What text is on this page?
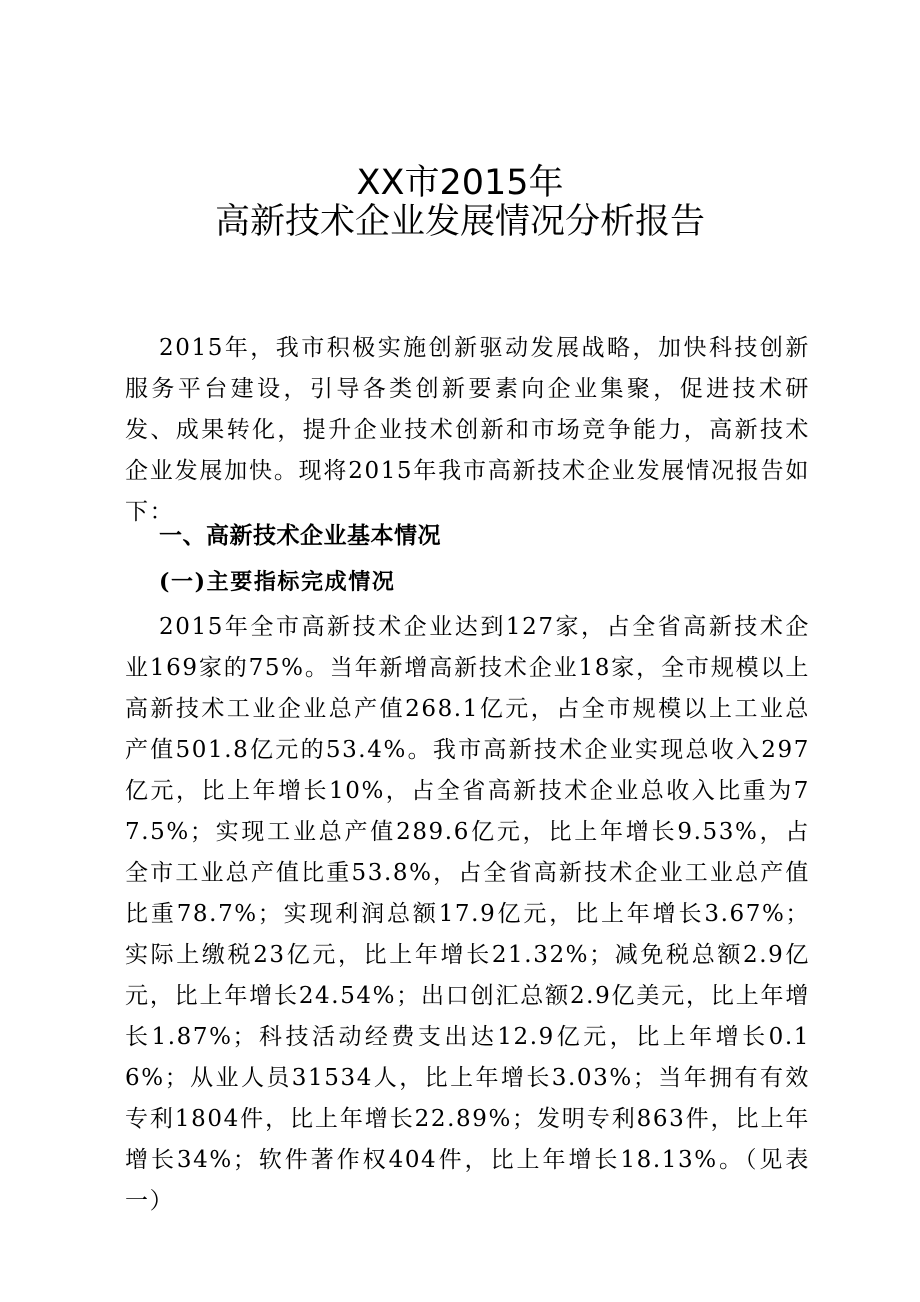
XX市2015年
高新技术企业发展情况分析报告

2015年，我市积极实施创新驱动发展战略，加快科技创新服务平台建设，引导各类创新要素向企业集聚，促进技术研发、成果转化，提升企业技术创新和市场竞争能力，高新技术企业发展加快。现将2015年我市高新技术企业发展情况报告如下：

一、高新技术企业基本情况
(一)主要指标完成情况

2015年全市高新技术企业达到127家，占全省高新技术企业169家的75%。当年新增高新技术企业18家，全市规模以上高新技术工业企业总产值268.1亿元，占全市规模以上工业总产值501.8亿元的53.4%。我市高新技术企业实现总收入297亿元，比上年增长10%，占全省高新技术企业总收入比重为77.5%；实现工业总产值289.6亿元，比上年增长9.53%，占全市工业总产值比重53.8%，占全省高新技术企业工业总产值比重78.7%；实现利润总额17.9亿元，比上年增长3.67%；实际上缴税23亿元，比上年增长21.32%；减免税总额2.9亿元，比上年增长24.54%；出口创汇总额2.9亿美元，比上年增长1.87%；科技活动经费支出达12.9亿元，比上年增长0.16%；从业人员31534人，比上年增长3.03%；当年拥有有效专利1804件，比上年增长22.89%；发明专利863件，比上年增长34%；软件著作权404件，比上年增长18.13%。（见表一）
